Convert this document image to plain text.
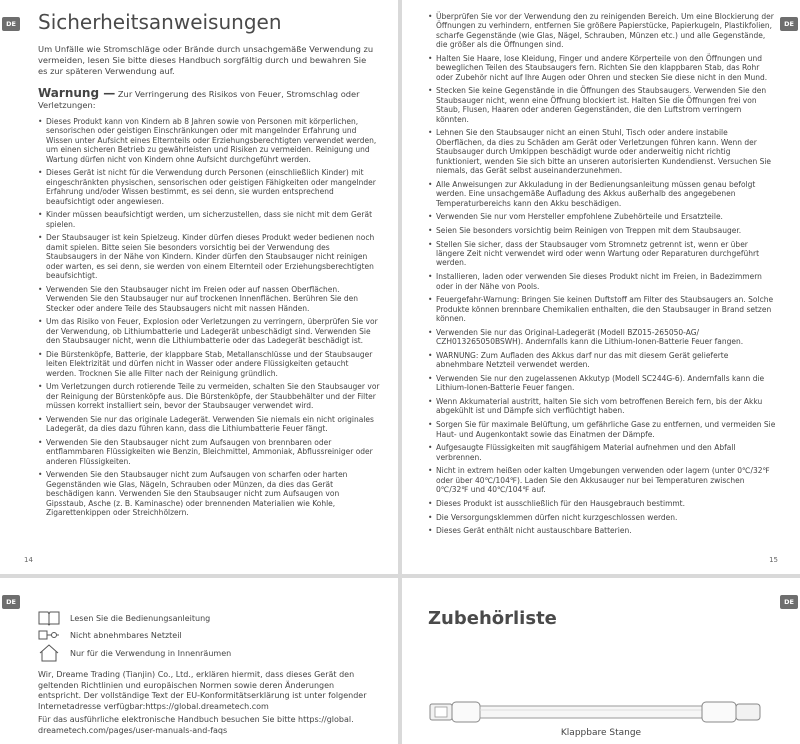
DE Sicherheitsanweisungen

Um Unfälle wie Stromschläge oder Brände durch unsachgemäße Verwendung zu vermeiden, lesen Sie bitte dieses Handbuch sorgfältig durch und bewahren Sie es zur späteren Verwendung auf.

Warnung — Zur Verringerung des Risikos von Feuer, Stromschlag oder Verletzungen:
• Dieses Produkt kann von Kindern ab 8 Jahren sowie von Personen mit körperlichen, sensorischen oder geistigen Einschränkungen oder mit mangelnder Erfahrung und Wissen unter Aufsicht eines Elternteils oder Erziehungsberechtigten verwendet werden, um einen sicheren Betrieb zu gewährleisten und Risiken zu vermeiden. Reinigung und Wartung dürfen nicht von Kindern ohne Aufsicht durchgeführt werden.
• Dieses Gerät ist nicht für die Verwendung durch Personen (einschließlich Kinder) mit eingeschränkten physischen, sensorischen oder geistigen Fähigkeiten oder mangelnder Erfahrung und/oder Wissen bestimmt, es sei denn, sie wurden entsprechend beaufsichtigt oder angewiesen.
• Kinder müssen beaufsichtigt werden, um sicherzustellen, dass sie nicht mit dem Gerät spielen.
• Der Staubsauger ist kein Spielzeug. Kinder dürfen dieses Produkt weder bedienen noch damit spielen. Bitte seien Sie besonders vorsichtig bei der Verwendung des Staubsaugers in der Nähe von Kindern. Kinder dürfen den Staubsauger nicht reinigen oder warten, es sei denn, sie werden von einem Elternteil oder Erziehungsberechtigten beaufsichtigt.
• Verwenden Sie den Staubsauger nicht im Freien oder auf nassen Oberflächen. Verwenden Sie den Staubsauger nur auf trockenen Innenflächen. Berühren Sie den Stecker oder andere Teile des Staubsaugers nicht mit nassen Händen.
• Um das Risiko von Feuer, Explosion oder Verletzungen zu verringern, überprüfen Sie vor der Verwendung, ob Lithiumbatterie und Ladegerät unbeschädigt sind. Verwenden Sie den Staubsauger nicht, wenn die Lithiumbatterie oder das Ladegerät beschädigt ist.
• Die Bürstenköpfe, Batterie, der klappbare Stab, Metallanschlüsse und der Staubsauger leiten Elektrizität und dürfen nicht in Wasser oder andere Flüssigkeiten getaucht werden. Trocknen Sie alle Filter nach der Reinigung gründlich.
• Um Verletzungen durch rotierende Teile zu vermeiden, schalten Sie den Staubsauger vor der Reinigung der Bürstenköpfe aus. Die Bürstenköpfe, der Staubbehälter und der Filter müssen korrekt installiert sein, bevor der Staubsauger verwendet wird.
• Verwenden Sie nur das originale Ladegerät. Verwenden Sie niemals ein nicht originales Ladegerät, da dies dazu führen kann, dass die Lithiumbatterie Feuer fängt.
• Verwenden Sie den Staubsauger nicht zum Aufsaugen von brennbaren oder entflammbaren Flüssigkeiten wie Benzin, Bleichmittel, Ammoniak, Abflussreiniger oder anderen Flüssigkeiten.
• Verwenden Sie den Staubsauger nicht zum Aufsaugen von scharfen oder harten Gegenständen wie Glas, Nägeln, Schrauben oder Münzen, da dies das Gerät beschädigen kann. Verwenden Sie den Staubsauger nicht zum Aufsaugen von Gipsstaub, Asche (z. B. Kaminasche) oder brennenden Materialien wie Kohle, Zigarettenkippen oder Streichhölzern.
14
DE
• Überprüfen Sie vor der Verwendung den zu reinigenden Bereich. Um eine Blockierung der Öffnungen zu verhindern, entfernen Sie größere Papierstücke, Papierkugeln, Plastikfolien, scharfe Gegenstände (wie Glas, Nägel, Schrauben, Münzen etc.) und alle Gegenstände, die größer als die Öffnungen sind.
• Halten Sie Haare, lose Kleidung, Finger und andere Körperteile von den Öffnungen und beweglichen Teilen des Staubsaugers fern. Richten Sie den klappbaren Stab, das Rohr oder Zubehör nicht auf Ihre Augen oder Ohren und stecken Sie diese nicht in den Mund.
• Stecken Sie keine Gegenstände in die Öffnungen des Staubsaugers. Verwenden Sie den Staubsauger nicht, wenn eine Öffnung blockiert ist. Halten Sie die Öffnungen frei von Staub, Flusen, Haaren oder anderen Gegenständen, die den Luftstrom verringern könnten.
• Lehnen Sie den Staubsauger nicht an einen Stuhl, Tisch oder andere instabile Oberflächen, da dies zu Schäden am Gerät oder Verletzungen führen kann. Wenn der Staubsauger durch Umkippen beschädigt wurde oder anderweitig nicht richtig funktioniert, wenden Sie sich bitte an unseren autorisierten Kundendienst. Versuchen Sie niemals, das Gerät selbst auseinanderzunehmen.
• Alle Anweisungen zur Akkuladung in der Bedienungsanleitung müssen genau befolgt werden. Eine unsachgemäße Aufladung des Akkus außerhalb des angegebenen Temperaturbereichs kann den Akku beschädigen.
• Verwenden Sie nur vom Hersteller empfohlene Zubehörteile und Ersatzteile.
• Seien Sie besonders vorsichtig beim Reinigen von Treppen mit dem Staubsauger.
• Stellen Sie sicher, dass der Staubsauger vom Stromnetz getrennt ist, wenn er über längere Zeit nicht verwendet wird oder wenn Wartung oder Reparaturen durchgeführt werden.
• Installieren, laden oder verwenden Sie dieses Produkt nicht im Freien, in Badezimmern oder in der Nähe von Pools.
• Feuergefahr-Warnung: Bringen Sie keinen Duftstoff am Filter des Staubsaugers an. Solche Produkte können brennbare Chemikalien enthalten, die den Staubsauger in Brand setzen können.
• Verwenden Sie nur das Original-Ladegerät (Modell BZ015-265050-AG/ CZH013265050BSWH). Andernfalls kann die Lithium-Ionen-Batterie Feuer fangen.
• WARNUNG: Zum Aufladen des Akkus darf nur das mit diesem Gerät gelieferte abnehmbare Netzteil verwendet werden.
• Verwenden Sie nur den zugelassenen Akkutyp (Modell SC244G-6). Andernfalls kann die Lithium-Ionen-Batterie Feuer fangen.
• Wenn Akkumaterial austritt, halten Sie sich vom betroffenen Bereich fern, bis der Akku abgekühlt ist und Dämpfe sich verflüchtigt haben.
• Sorgen Sie für maximale Belüftung, um gefährliche Gase zu entfernen, und vermeiden Sie Haut- und Augenkontakt sowie das Einatmen der Dämpfe.
• Aufgesaugte Flüssigkeiten mit saugfähigem Material aufnehmen und den Abfall verbrennen.
• Nicht in extrem heißen oder kalten Umgebungen verwenden oder lagern (unter 0℃/32℉ oder über 40℃/104℉). Laden Sie den Akkusauger nur bei Temperaturen zwischen 0℃/32℉ und 40℃/104℉ auf.
• Dieses Produkt ist ausschließlich für den Hausgebrauch bestimmt.
• Die Versorgungsklemmen dürfen nicht kurzgeschlossen werden.
• Dieses Gerät enthält nicht austauschbare Batterien.
15
DE
Lesen Sie die Bedienungsanleitung
Nicht abnehmbares Netzteil
Nur für die Verwendung in Innenräumen

Wir, Dreame Trading (Tianjin) Co., Ltd., erklären hiermit, dass dieses Gerät den geltenden Richtlinien und europäischen Normen sowie deren Änderungen entspricht. Der vollständige Text der EU-Konformitätserklärung ist unter folgender Internetadresse verfügbar:https://global.dreametech.com

Für das ausführliche elektronische Handbuch besuchen Sie bitte https://global. dreametech.com/pages/user-manuals-and-faqs

DE
Zubehörliste
Klappbare Stange
